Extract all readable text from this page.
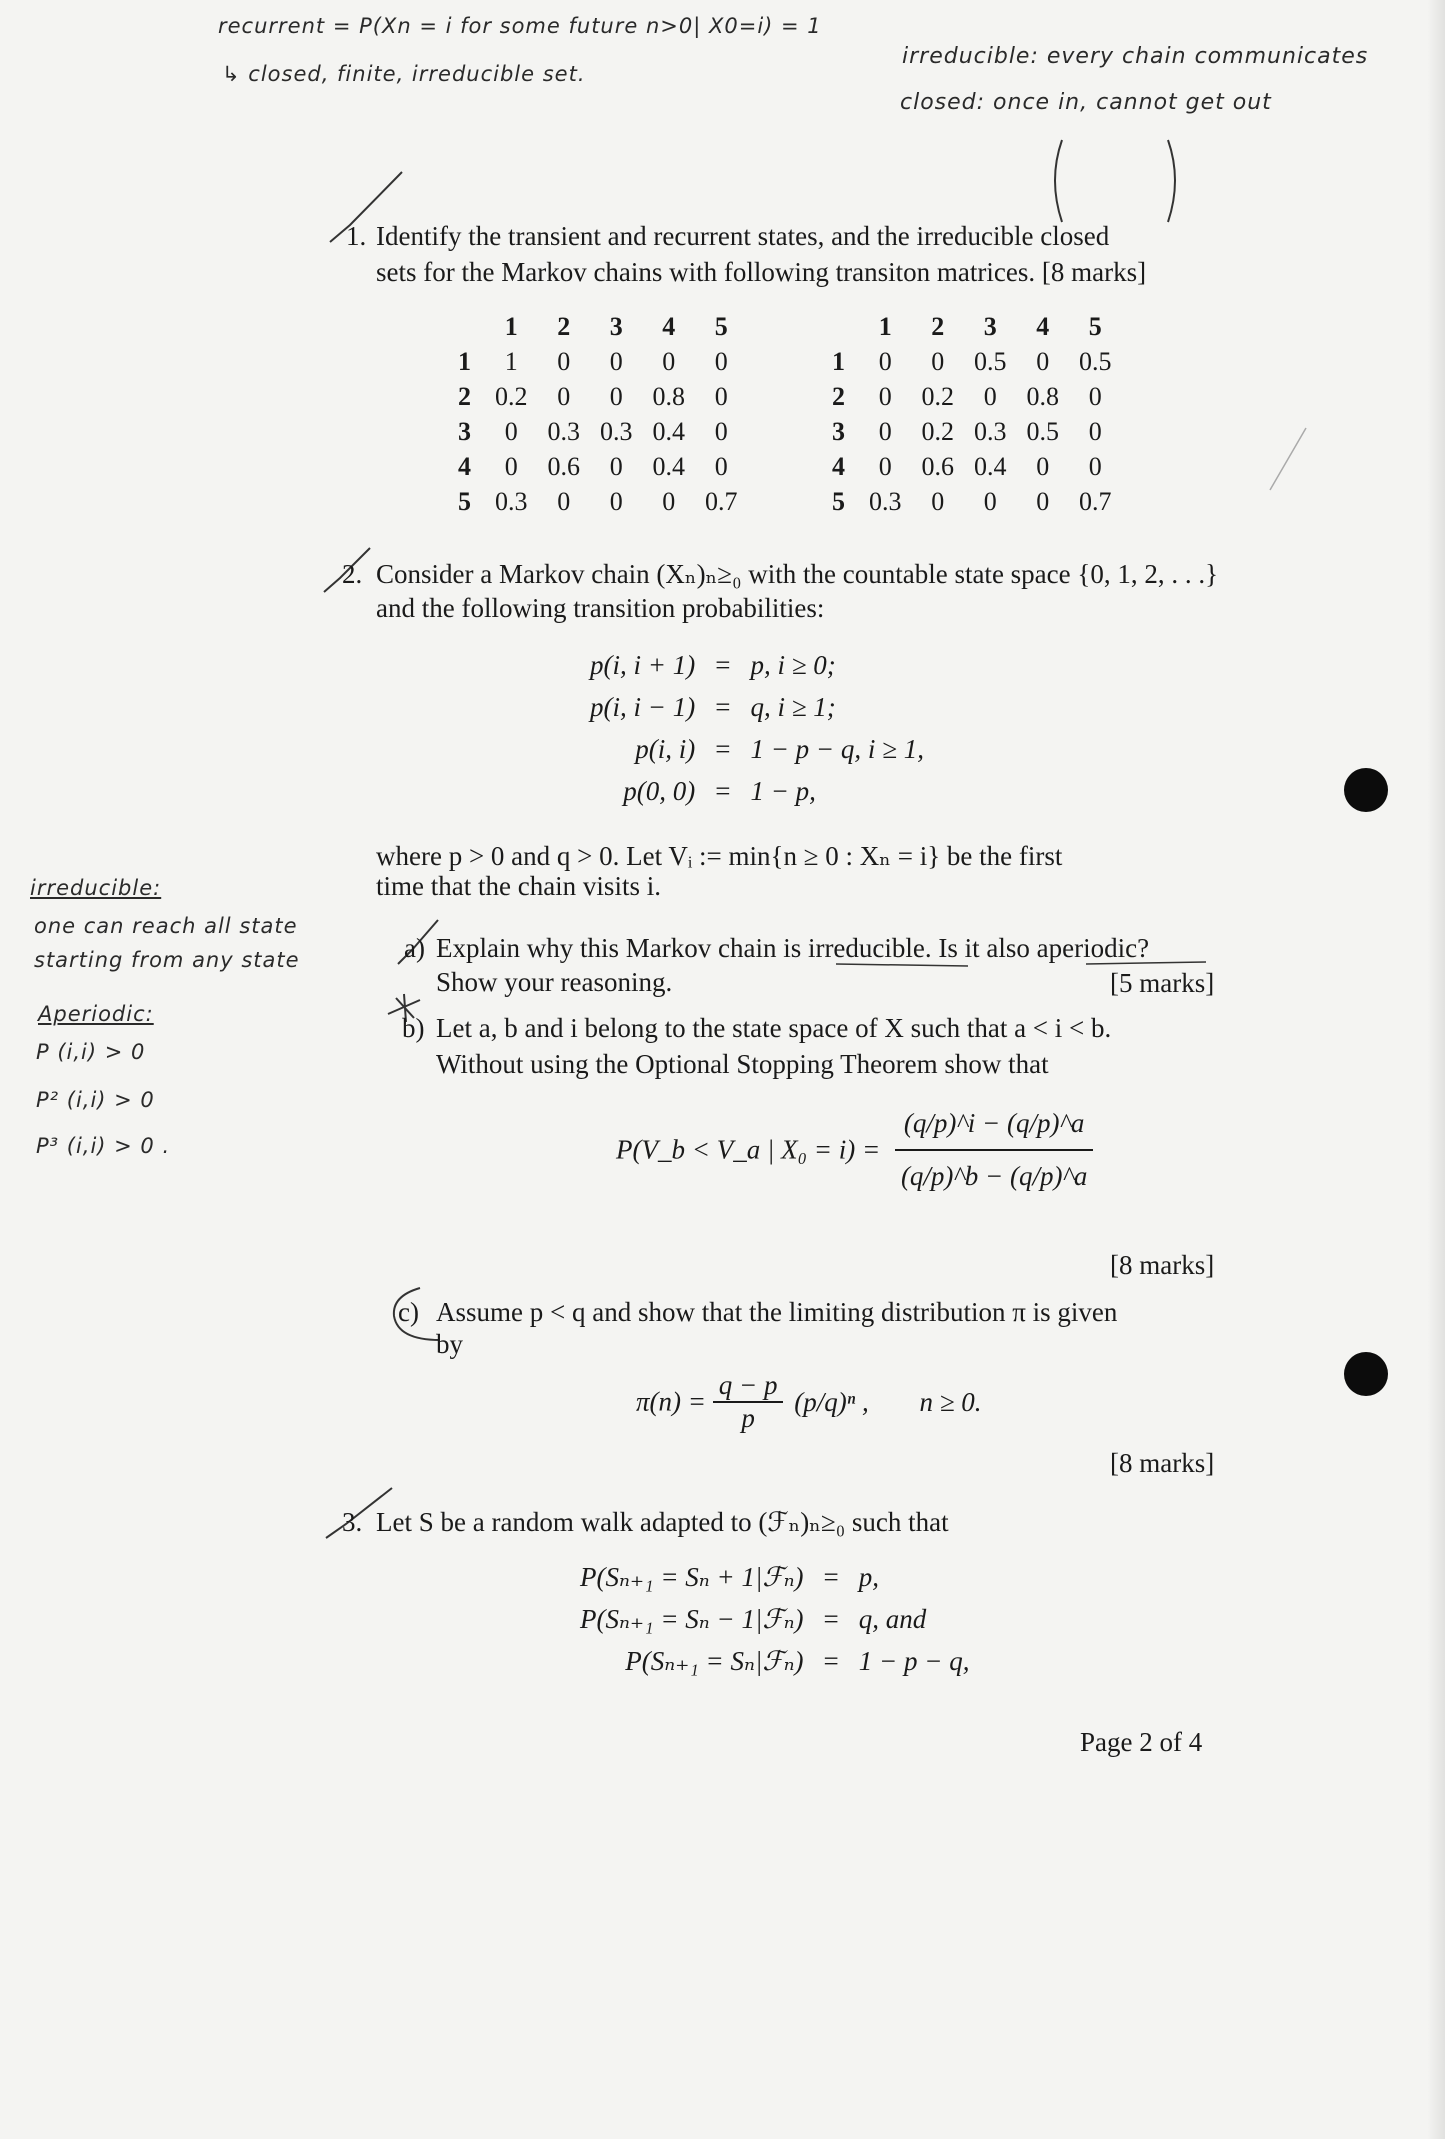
recurrent = P(Xn = i for some future n>0| X0=i) = 1
↳ closed, finite, irreducible set.
irreducible: every chain communicates
closed: once in, cannot get out
irreducible:
one can reach all state
starting from any state
Aperiodic:
P (i,i) > 0
P² (i,i) > 0
P³ (i,i) > 0 .
1. Identify the transient and recurrent states, and the irreducible closed
sets for the Markov chains with following transiton matrices. [8 marks]
	1	2	3	4	5
1	1	0	0	0	0
2	0.2	0	0	0.8	0
3	0	0.3	0.3	0.4	0
4	0	0.6	0	0.4	0
5	0.3	0	0	0	0.7
	1	2	3	4	5
1	0	0	0.5	0	0.5
2	0	0.2	0	0.8	0
3	0	0.2	0.3	0.5	0
4	0	0.6	0.4	0	0
5	0.3	0	0	0	0.7
2. Consider a Markov chain (Xₙ)ₙ≥₀ with the countable state space {0, 1, 2, . . .}
and the following transition probabilities:
p(i, i + 1)	=	p, i ≥ 0;
p(i, i − 1)	=	q, i ≥ 1;
p(i, i)	=	1 − p − q, i ≥ 1,
p(0, 0)	=	1 − p,
where p > 0 and q > 0. Let Vᵢ := min{n ≥ 0 : Xₙ = i} be the first
time that the chain visits i.
a) Explain why this Markov chain is irreducible. Is it also aperiodic?
Show your reasoning.	[5 marks]
b) Let a, b and i belong to the state space of X such that a < i < b.
Without using the Optional Stopping Theorem show that
P(V_b < V_a | $X_0 = i) = \frac{(q/p)\^{}i - (q/p)\^{}a}{(q/p)\^{}b - (q/p)\^{}a}$
[8 marks]
c) Assume p < q and show that the limiting distribution π is given
by
$\pi(n) = \frac{q - p}{p} (p/q)^n$ , n ≥ 0.
[8 marks]
3. Let S be a random walk adapted to (ℱₙ)ₙ≥₀ such that
P(Sₙ₊₁ = Sₙ + 1|ℱₙ)	=	p,
P(Sₙ₊₁ = Sₙ − 1|ℱₙ)	=	q, and
P(Sₙ₊₁ = Sₙ|ℱₙ)	=	1 − p − q,
Page 2 of 4
